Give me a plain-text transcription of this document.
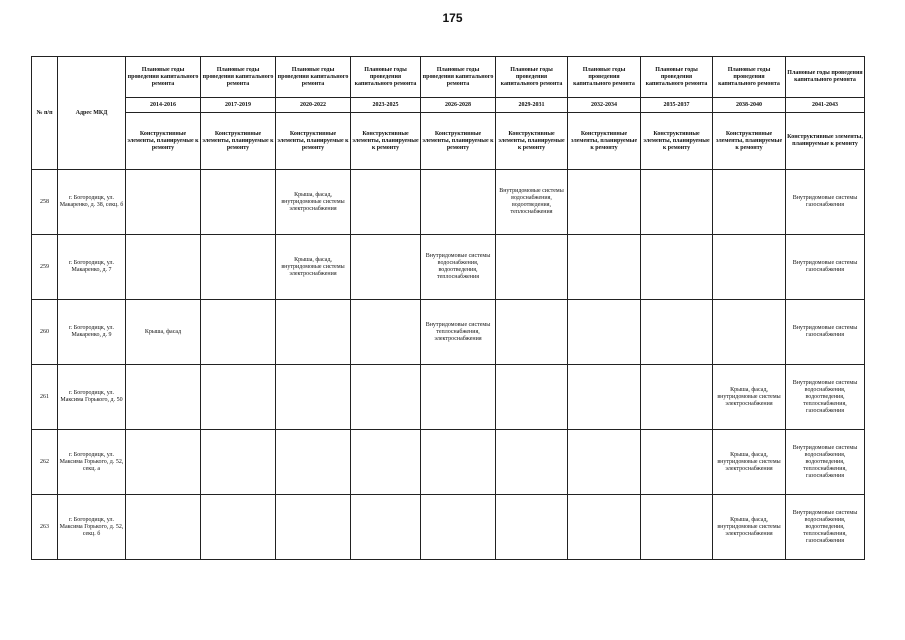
175
№ п/п	Адрес МКД	Плановые годы проведения капитального ремонта	Плановые годы проведения капитального ремонта	Плановые годы проведения капитального ремонта	Плановые годы проведения капитального ремонта	Плановые годы проведения капитального ремонта	Плановые годы проведения капитального ремонта	Плановые годы проведения капитального ремонта	Плановые годы проведения капитального ремонта	Плановые годы проведения капитального ремонта	Плановые годы проведения капитального ремонта
		2014-2016	2017-2019	2020-2022	2023-2025	2026-2028	2029-2031	2032-2034	2035-2037	2038-2040	2041-2043
		Конструктивные элементы, планируемые к ремонту	Конструктивные элементы, планируемые к ремонту	Конструктивные элементы, планируемые к ремонту	Конструктивные элементы, планируемые к ремонту	Конструктивные элементы, планируемые к ремонту	Конструктивные элементы, планируемые к ремонту	Конструктивные элементы, планируемые к ремонту	Конструктивные элементы, планируемые к ремонту	Конструктивные элементы, планируемые к ремонту	Конструктивные элементы, планируемые к ремонту
258	г. Богородицк, ул. Макаренко, д. 38, секц. б			Крыша, фасад, внутридомовые системы электроснабжения			Внутридомовые системы водоснабжения, водоотведения, теплоснабжения				Внутридомовые системы газоснабжения
259	г. Богородицк, ул. Макаренко, д. 7			Крыша, фасад, внутридомовые системы электроснабжения		Внутридомовые системы водоснабжения, водоотведения, теплоснабжения					Внутридомовые системы газоснабжения
260	г. Богородицк, ул. Макаренко, д. 9	Крыша, фасад				Внутридомовые системы теплоснабжения, электроснабжения					Внутридомовые системы газоснабжения
261	г. Богородицк, ул. Максима Горького, д. 50									Крыша, фасад, внутридомовые системы электроснабжения	Внутридомовые системы водоснабжения, водоотведения, теплоснабжения, газоснабжения
262	г. Богородицк, ул. Максима Горького, д. 52, секц. а									Крыша, фасад, внутридомовые системы электроснабжения	Внутридомовые системы водоснабжения, водоотведения, теплоснабжения, газоснабжения
263	г. Богородицк, ул. Максима Горького, д. 52, секц. б									Крыша, фасад, внутридомовые системы электроснабжения	Внутридомовые системы водоснабжения, водоотведения, теплоснабжения, газоснабжения
